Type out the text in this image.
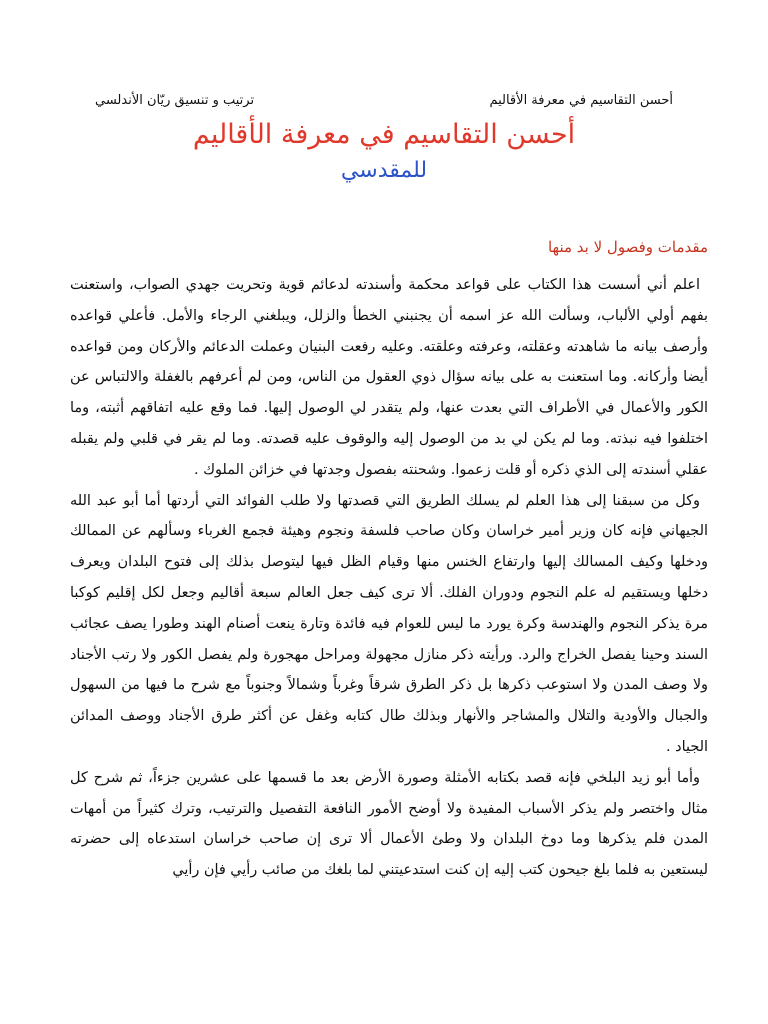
أحسن التقاسيم في معرفة الأقاليم
ترتيب و تنسيق ريّان الأندلسي
أحسن التقاسيم في معرفة الأقاليم
للمقدسي
مقدمات وفصول لا بد منها

اعلم أني أسست هذا الكتاب على قواعد محكمة وأسندته لدعائم قوية وتحريت جهدي الصواب، واستعنت بفهم أولي الألباب، وسألت الله عز اسمه أن يجنبني الخطأ والزلل، ويبلغني الرجاء والأمل. فأعلي قواعده وأرصف بيانه ما شاهدته وعقلته، وعرفته وعلقته. وعليه رفعت البنيان وعملت الدعائم والأركان ومن قواعده أيضا وأركانه. وما استعنت به على بيانه سؤال ذوي العقول من الناس، ومن لم أعرفهم بالغفلة والالتباس عن الكور والأعمال في الأطراف التي بعدت عنها، ولم يتقدر لي الوصول إليها. فما وقع عليه اتفاقهم أثبته، وما اختلفوا فيه نبذته. وما لم يكن لي بد من الوصول إليه والوقوف عليه قصدته. وما لم يقر في قلبي ولم يقبله عقلي أسندته إلى الذي ذكره أو قلت زعموا. وشحنته بفصول وجدتها في خزائن الملوك .

وكل من سبقنا إلى هذا العلم لم يسلك الطريق التي قصدتها ولا طلب الفوائد التي أردتها أما أبو عبد الله الجيهاني فإنه كان وزير أمير خراسان وكان صاحب فلسفة ونجوم وهيئة فجمع الغرباء وسألهم عن الممالك ودخلها وكيف المسالك إليها وارتفاع الخنس منها وقيام الظل فيها ليتوصل بذلك إلى فتوح البلدان ويعرف دخلها ويستقيم له علم النجوم ودوران الفلك. ألا ترى كيف جعل العالم سبعة أقاليم وجعل لكل إقليم كوكبا مرة يذكر النجوم والهندسة وكرة يورد ما ليس للعوام فيه فائدة وتارة ينعت أصنام الهند وطورا يصف عجائب السند وحينا يفصل الخراج والرد. ورأيته ذكر منازل مجهولة ومراحل مهجورة ولم يفصل الكور ولا رتب الأجناد ولا وصف المدن ولا استوعب ذكرها بل ذكر الطرق شرقاً وغرباً وشمالاً وجنوباً مع شرح ما فيها من السهول والجبال والأودية والتلال والمشاجر والأنهار وبذلك طال كتابه وغفل عن أكثر طرق الأجناد ووصف المدائن الجياد .

وأما أبو زيد البلخي فإنه قصد بكتابه الأمثلة وصورة الأرض بعد ما قسمها على عشرين جزءاً، ثم شرح كل مثال واختصر ولم يذكر الأسباب المفيدة ولا أوضح الأمور النافعة التفصيل والترتيب، وترك كثيراً من أمهات المدن فلم يذكرها وما دوخ البلدان ولا وطئ الأعمال ألا ترى إن صاحب خراسان استدعاه إلى حضرته ليستعين به فلما بلغ جيحون كتب إليه إن كنت استدعيتني لما بلغك من صائب رأيي فإن رأيي
